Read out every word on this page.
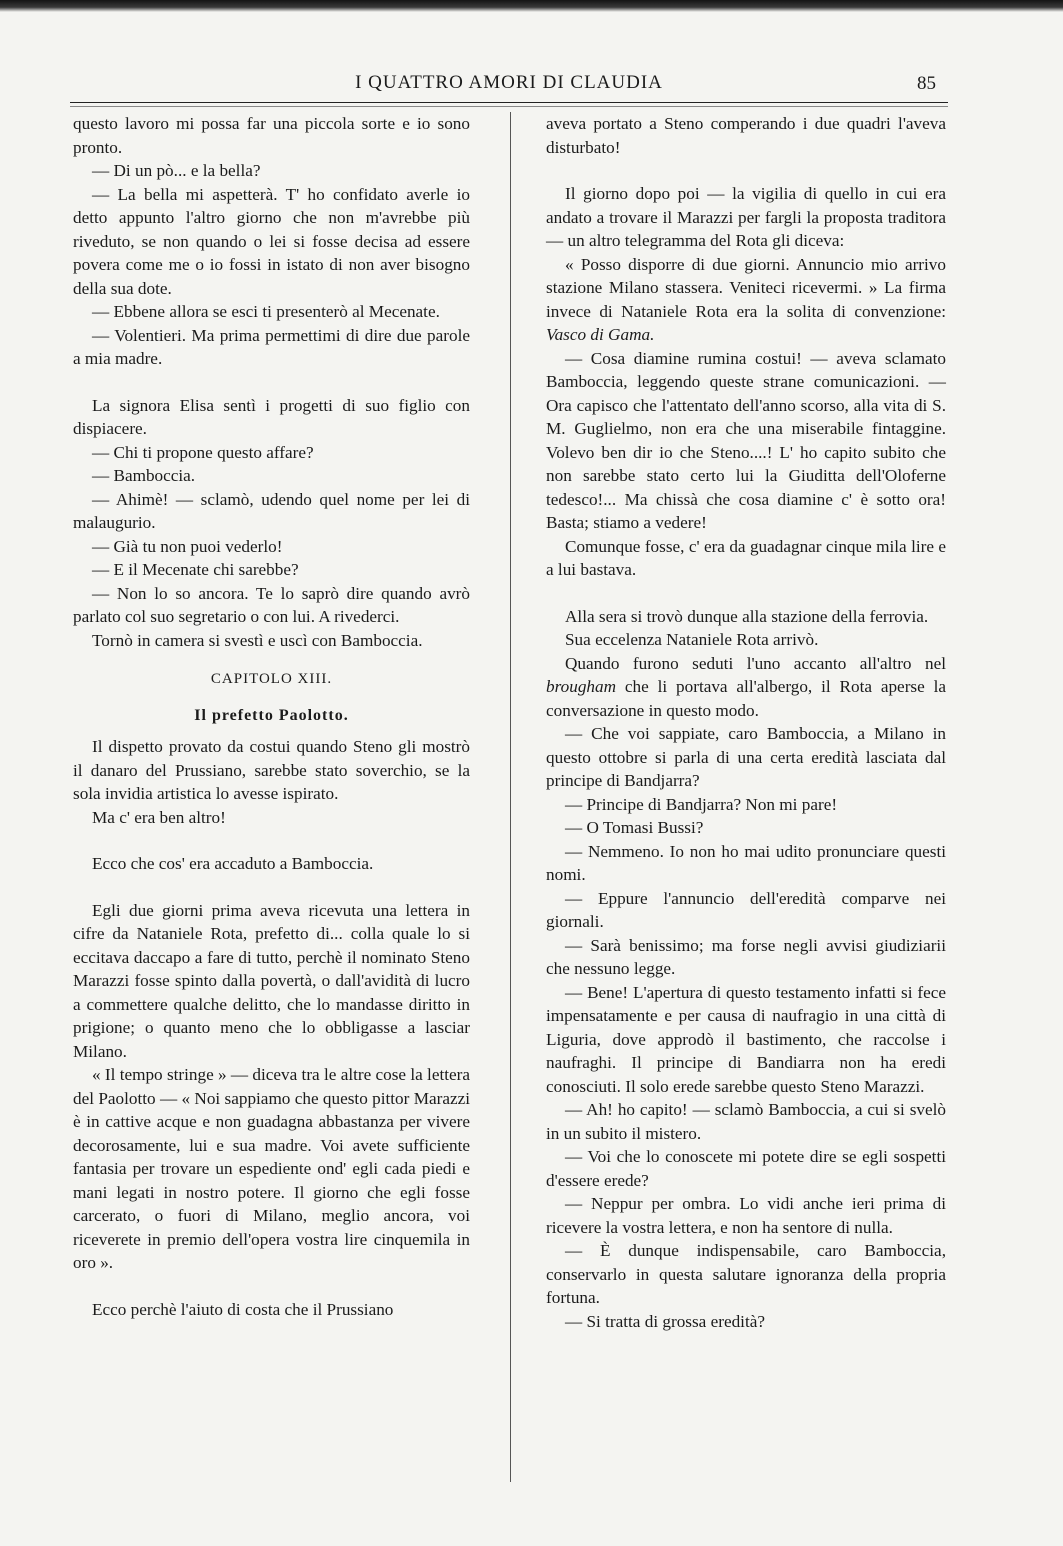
I QUATTRO AMORI DI CLAUDIA	85

questo lavoro mi possa far una piccola sorte e io sono pronto.

— Di un pò... e la bella?

— La bella mi aspetterà. T' ho confidato averle io detto appunto l'altro giorno che non m'avrebbe più riveduto, se non quando o lei si fosse decisa ad essere povera come me o io fossi in istato di non aver bisogno della sua dote.

— Ebbene allora se esci ti presenterò al Mecenate.

— Volentieri. Ma prima permettimi di dire due parole a mia madre.

La signora Elisa sentì i progetti di suo figlio con dispiacere.

— Chi ti propone questo affare?

— Bamboccia.

— Ahimè! — sclamò, udendo quel nome per lei di malaugurio.

— Già tu non puoi vederlo!

— E il Mecenate chi sarebbe?

— Non lo so ancora. Te lo saprò dire quando avrò parlato col suo segretario o con lui. A rivederci.

Tornò in camera si svestì e uscì con Bamboccia.

CAPITOLO XIII.
Il prefetto Paolotto.

Il dispetto provato da costui quando Steno gli mostrò il danaro del Prussiano, sarebbe stato soverchio, se la sola invidia artistica lo avesse ispirato.

Ma c' era ben altro!

Ecco che cos' era accaduto a Bamboccia.

Egli due giorni prima aveva ricevuta una lettera in cifre da Nataniele Rota, prefetto di... colla quale lo si eccitava daccapo a fare di tutto, perchè il nominato Steno Marazzi fosse spinto dalla povertà, o dall'avidità di lucro a commettere qualche delitto, che lo mandasse diritto in prigione; o quanto meno che lo obbligasse a lasciar Milano.

« Il tempo stringe » — diceva tra le altre cose la lettera del Paolotto — « Noi sappiamo che questo pittor Marazzi è in cattive acque e non guadagna abbastanza per vivere decorosamente, lui e sua madre. Voi avete sufficiente fantasia per trovare un espediente ond' egli cada piedi e mani legati in nostro potere. Il giorno che egli fosse carcerato, o fuori di Milano, meglio ancora, voi riceverete in premio dell'opera vostra lire cinquemila in oro ».

Ecco perchè l'aiuto di costa che il Prussiano

aveva portato a Steno comperando i due quadri l'aveva disturbato!

Il giorno dopo poi — la vigilia di quello in cui era andato a trovare il Marazzi per fargli la proposta traditora — un altro telegramma del Rota gli diceva:

« Posso disporre di due giorni. Annuncio mio arrivo stazione Milano stassera. Veniteci ricevermi. » La firma invece di Nataniele Rota era la solita di convenzione: Vasco di Gama.

— Cosa diamine rumina costui! — aveva sclamato Bamboccia, leggendo queste strane comunicazioni. — Ora capisco che l'attentato dell'anno scorso, alla vita di S. M. Guglielmo, non era che una miserabile fintaggine. Volevo ben dir io che Steno....! L' ho capito subito che non sarebbe stato certo lui la Giuditta dell'Oloferne tedesco!... Ma chissà che cosa diamine c' è sotto ora! Basta; stiamo a vedere!

Comunque fosse, c' era da guadagnar cinque mila lire e a lui bastava.

Alla sera si trovò dunque alla stazione della ferrovia.

Sua eccelenza Nataniele Rota arrivò.

Quando furono seduti l'uno accanto all'altro nel brougham che li portava all'albergo, il Rota aperse la conversazione in questo modo.

— Che voi sappiate, caro Bamboccia, a Milano in questo ottobre si parla di una certa eredità lasciata dal principe di Bandjarra?

— Principe di Bandjarra? Non mi pare!

— O Tomasi Bussi?

— Nemmeno. Io non ho mai udito pronunciare questi nomi.

— Eppure l'annuncio dell'eredità comparve nei giornali.

— Sarà benissimo; ma forse negli avvisi giudiziarii che nessuno legge.

— Bene! L'apertura di questo testamento infatti si fece impensatamente e per causa di naufragio in una città di Liguria, dove approdò il bastimento, che raccolse i naufraghi. Il principe di Bandiarra non ha eredi conosciuti. Il solo erede sarebbe questo Steno Marazzi.

— Ah! ho capito! — sclamò Bamboccia, a cui si svelò in un subito il mistero.

— Voi che lo conoscete mi potete dire se egli sospetti d'essere erede?

— Neppur per ombra. Lo vidi anche ieri prima di ricevere la vostra lettera, e non ha sentore di nulla.

— È dunque indispensabile, caro Bamboccia, conservarlo in questa salutare ignoranza della propria fortuna.

— Si tratta di grossa eredità?
